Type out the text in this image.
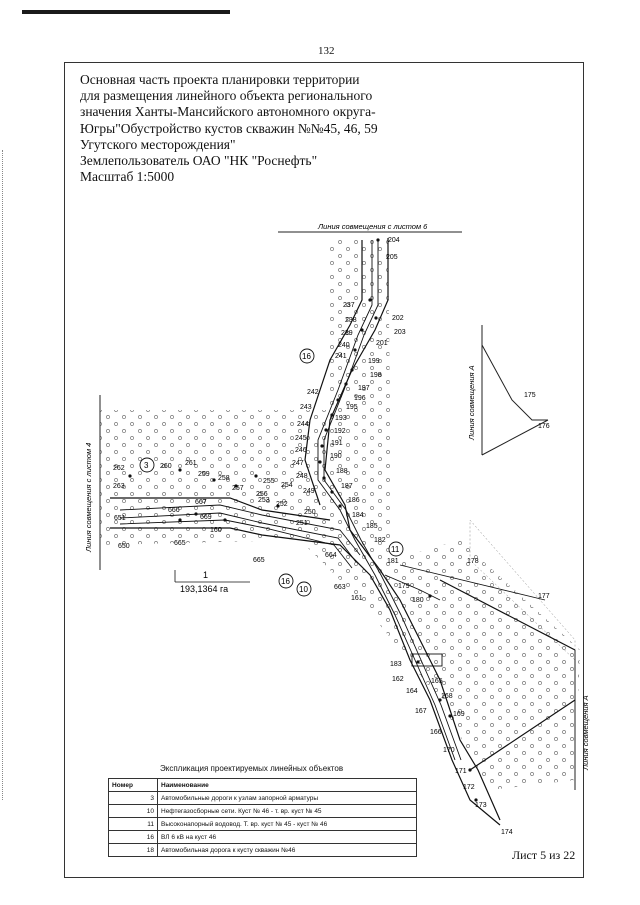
132
Основная часть проекта планировки территории
для размещения линейного объекта регионального
значения Ханты-Мансийского автономного округа-
Югры"Обустройство кустов скважин №№45, 46, 59
Угутского месторождения"
Землепользователь ОАО "НК "Роснефть"
Масштаб 1:5000
Линия совмещения с листом 6
Линия совмещения с листом 4
Линия совмещения А
Линия совмещения А
1
193,1364 га
16
3
11
16
10
204
205
237
238	202
203
239
201
240
199
241
198
197
196
242
195
243
193
192
244
245
191
246
190
247
188
248
187
249
186
250	184
251	185
182
181
664
663
161
179
180
178
177
175
176
262
261
260
259
258
263	257
256
255
254
253
252
667
666
669
651
160
665
665
650
183
162	165
164
168
167	169
166
170
171
172
173
174
Экспликация проектируемых линейных объектов
Номер	Наименование
3	Автомобильные дороги к узлам запорной арматуры
10	Нефтегазосборные сети. Куст № 46 - т. вр. куст № 45
11	Высоконапорный водовод. Т. вр. куст № 45 - куст № 46
16	ВЛ 6 кВ на куст 46
18	Автомобильная дорога к кусту скважин №46	Лист 5 из 22
